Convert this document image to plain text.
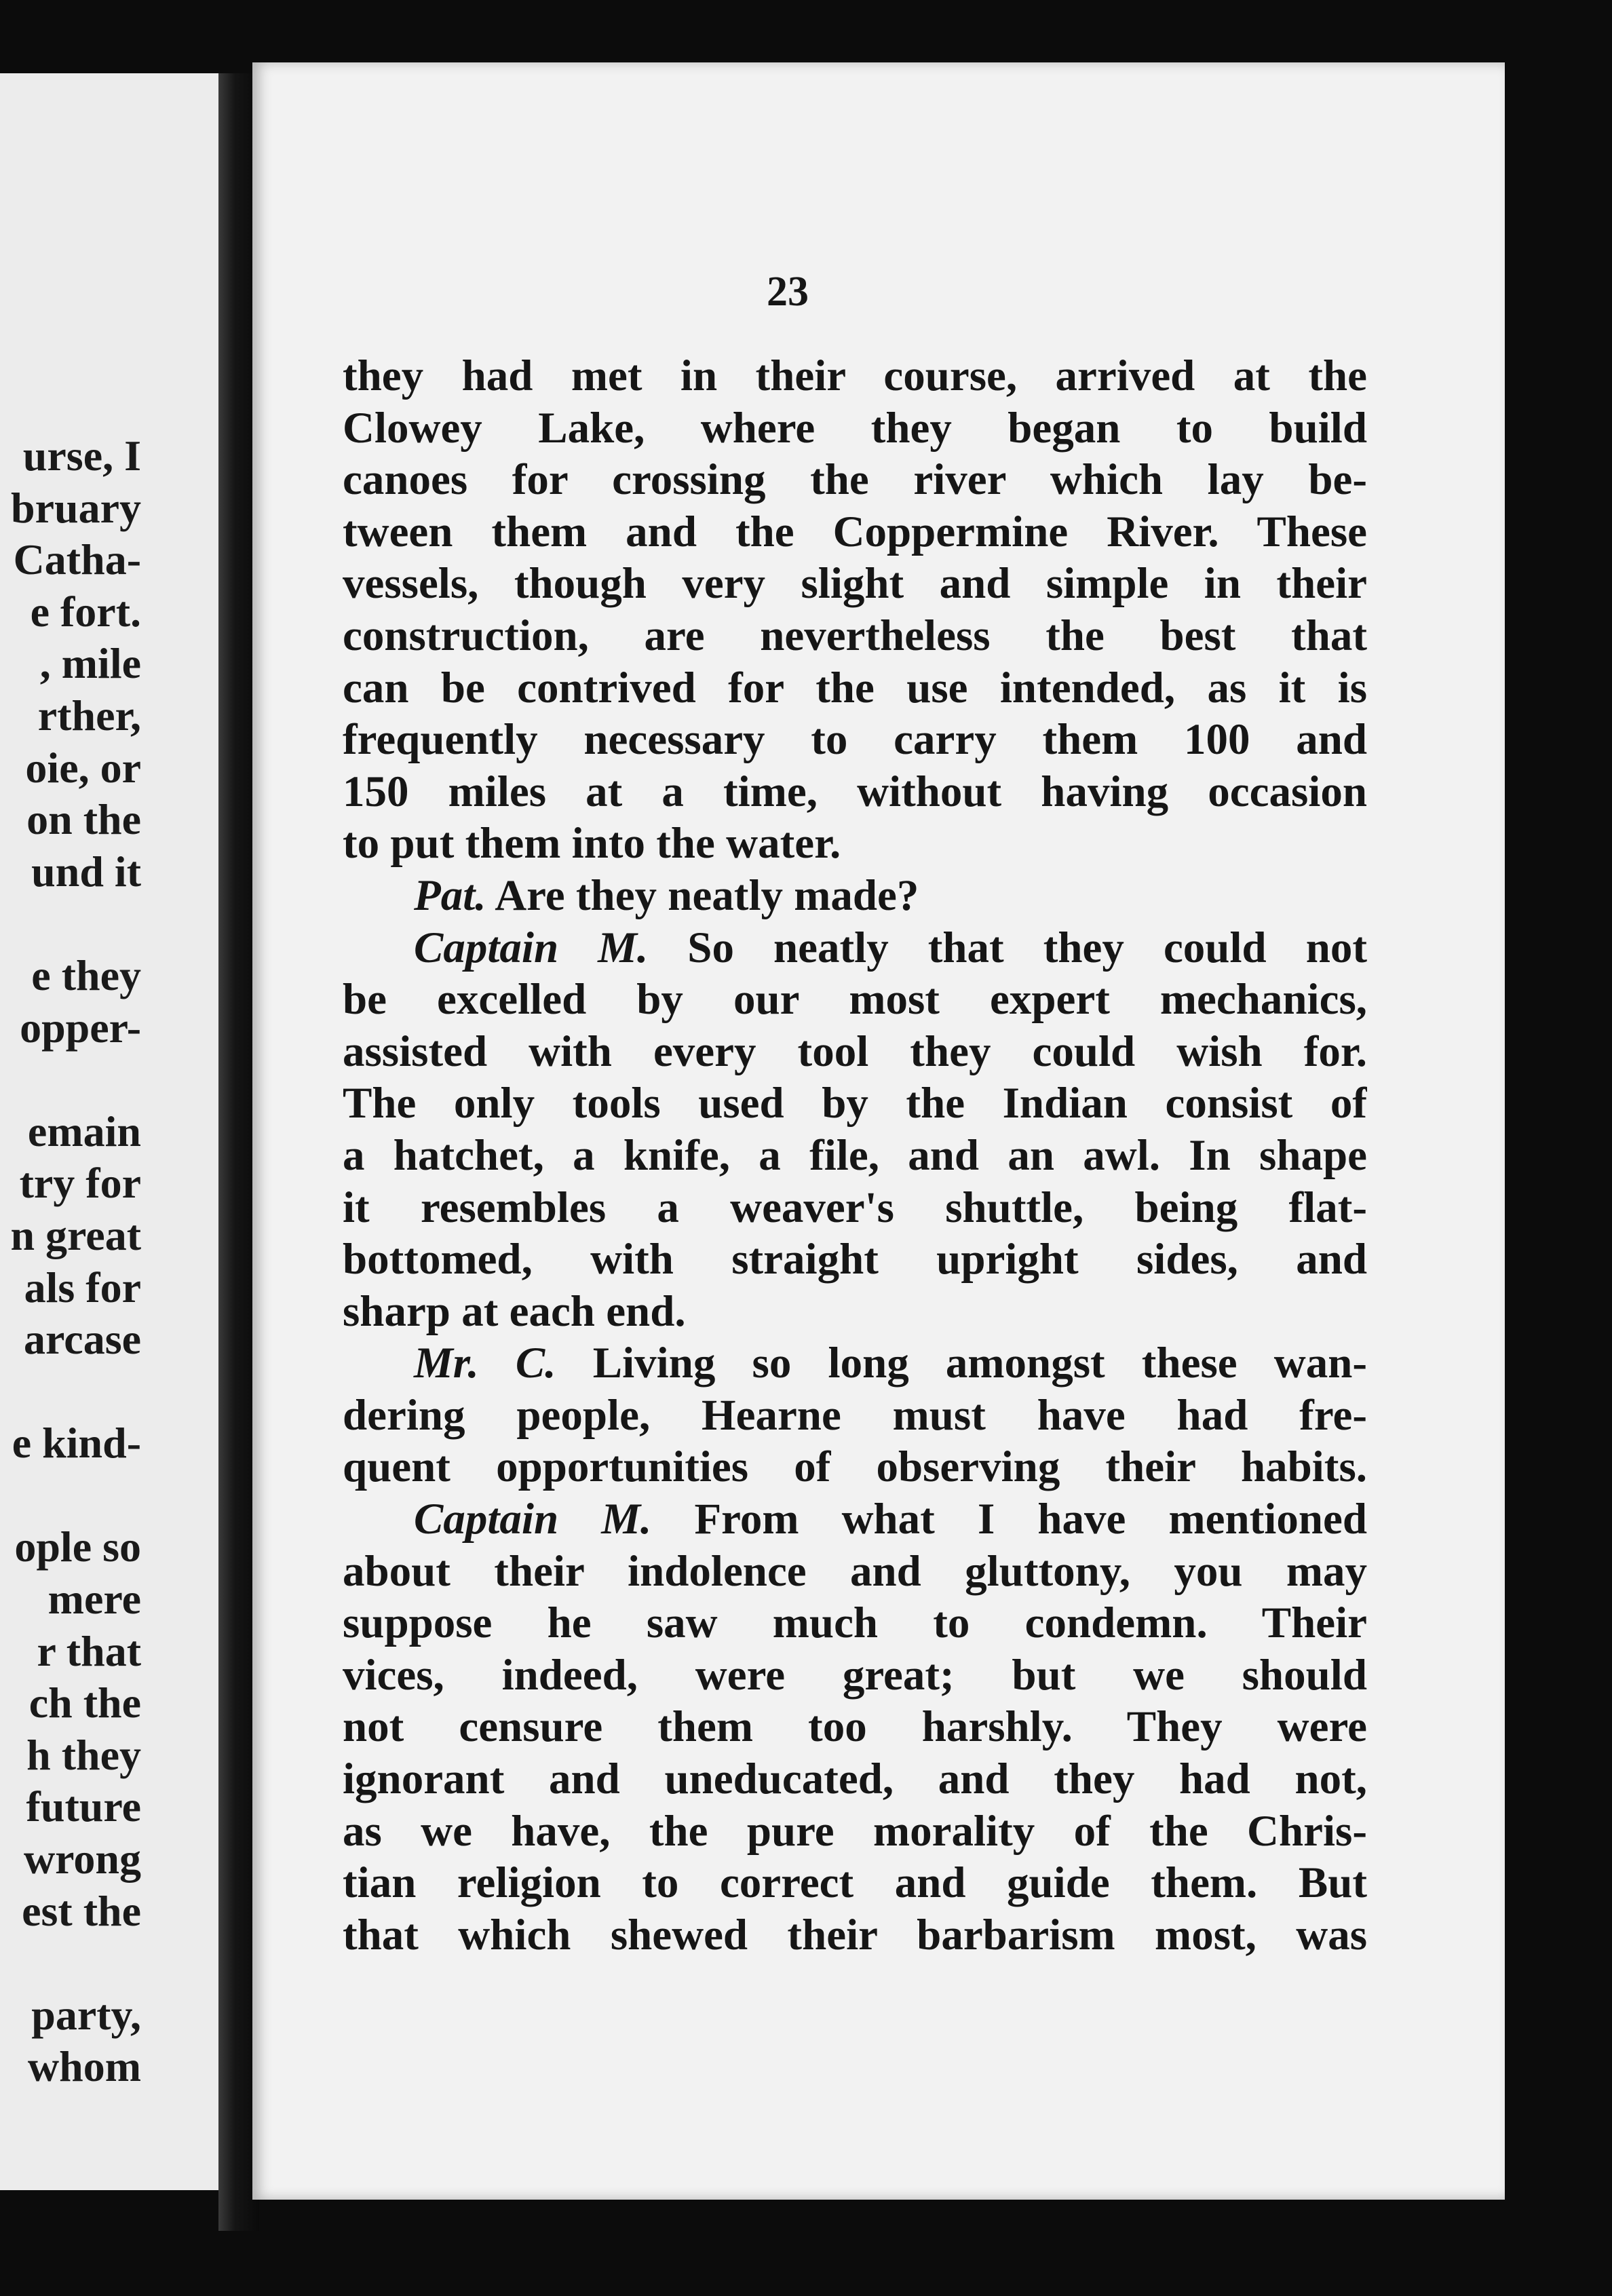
urse, I
bruary
Catha-
e fort.
, mile
rther,
oie, or
on the
und it
e they
opper-
emain
try for
n great
als for
arcase
e kind-
ople so
mere
r that
ch the
h they
future
wrong
est the
party,
whom
23
they had met in their course, arrived at the
Clowey Lake, where they began to build
canoes for crossing the river which lay be-
tween them and the Coppermine River. These
vessels, though very slight and simple in their
construction, are nevertheless the best that
can be contrived for the use intended, as it is
frequently necessary to carry them 100 and
150 miles at a time, without having occasion
to put them into the water.
Pat. Are they neatly made?
Captain M. So neatly that they could not
be excelled by our most expert mechanics,
assisted with every tool they could wish for.
The only tools used by the Indian consist of
a hatchet, a knife, a file, and an awl. In shape
it resembles a weaver's shuttle, being flat-
bottomed, with straight upright sides, and
sharp at each end.
Mr. C. Living so long amongst these wan-
dering people, Hearne must have had fre-
quent opportunities of observing their habits.
Captain M. From what I have mentioned
about their indolence and gluttony, you may
suppose he saw much to condemn. Their
vices, indeed, were great; but we should
not censure them too harshly. They were
ignorant and uneducated, and they had not,
as we have, the pure morality of the Chris-
tian religion to correct and guide them. But
that which shewed their barbarism most, was
